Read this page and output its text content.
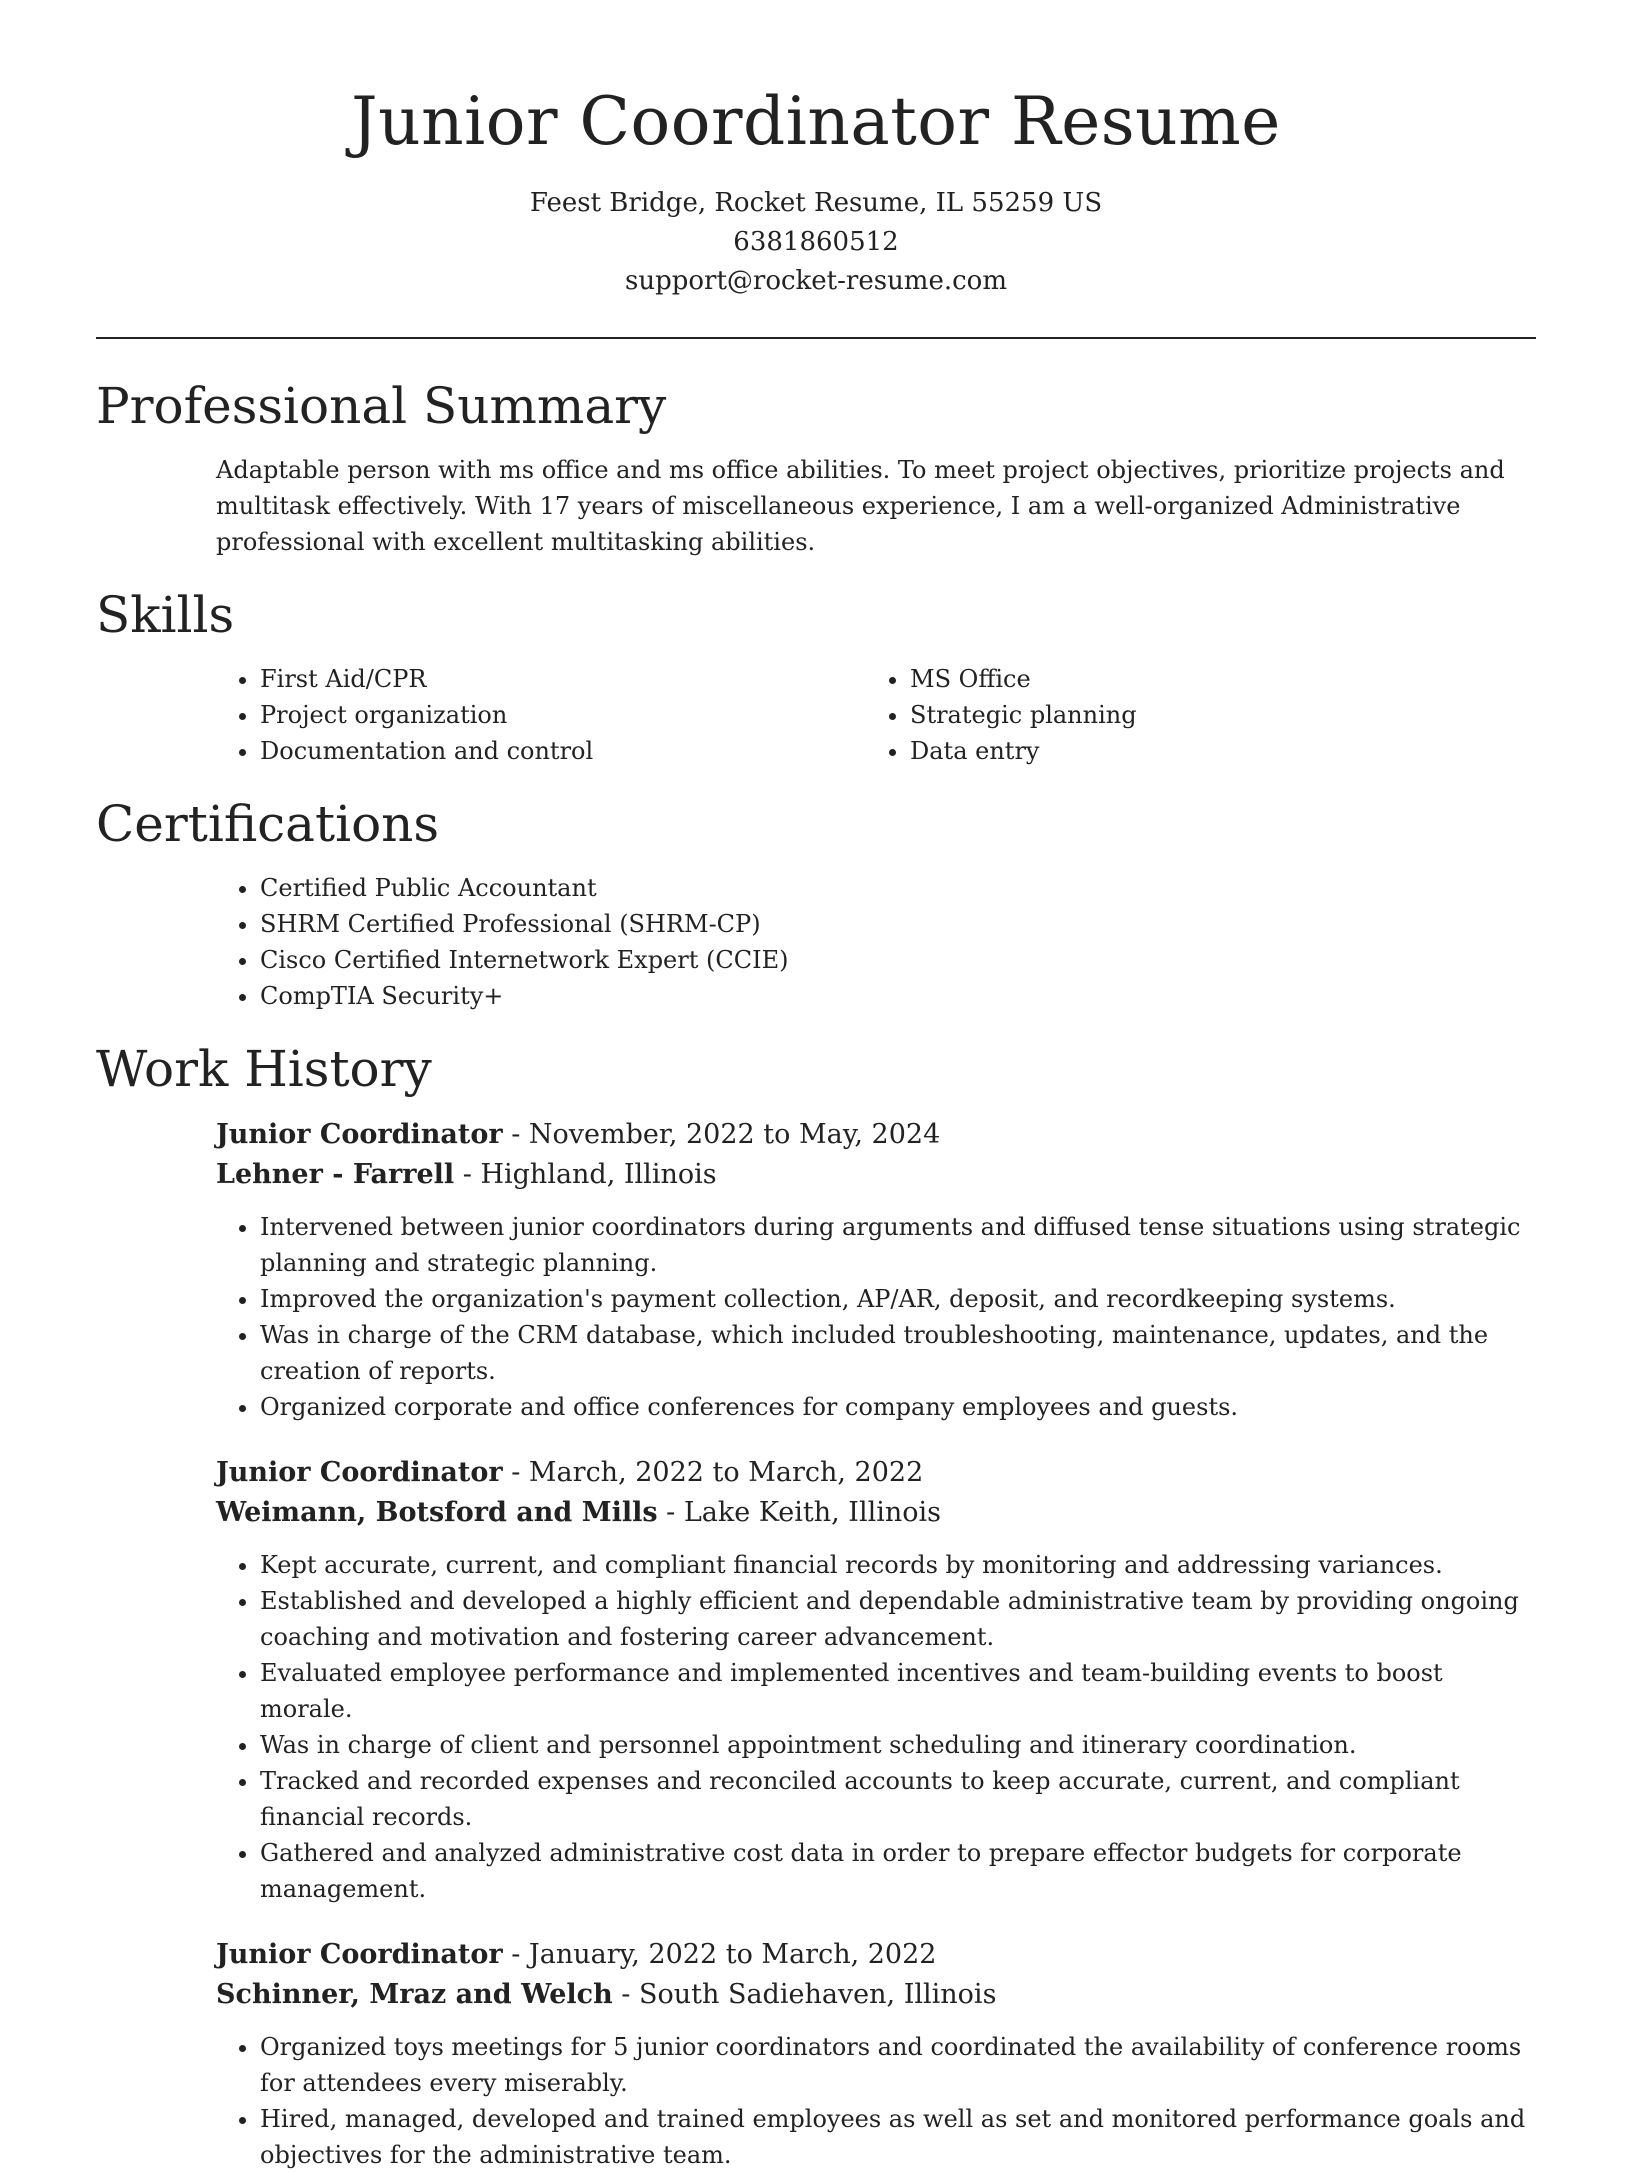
Junior Coordinator Resume
Feest Bridge, Rocket Resume, IL 55259 US
6381860512
support@rocket-resume.com
Professional Summary

Adaptable person with ms office and ms office abilities. To meet project objectives, prioritize projects and multitask effectively. With 17 years of miscellaneous experience, I am a well-organized Administrative professional with excellent multitasking abilities.

Skills
• First Aid/CPR
• Project organization
• Documentation and control
• MS Office
• Strategic planning
• Data entry
Certifications
• Certified Public Accountant
• SHRM Certified Professional (SHRM-CP)
• Cisco Certified Internetwork Expert (CCIE)
• CompTIA Security+
Work History
Junior Coordinator - November, 2022 to May, 2024
Lehner - Farrell - Highland, Illinois
• Intervened between junior coordinators during arguments and diffused tense situations using strategic planning and strategic planning.
• Improved the organization's payment collection, AP/AR, deposit, and recordkeeping systems.
• Was in charge of the CRM database, which included troubleshooting, maintenance, updates, and the creation of reports.
• Organized corporate and office conferences for company employees and guests.
Junior Coordinator - March, 2022 to March, 2022
Weimann, Botsford and Mills - Lake Keith, Illinois
• Kept accurate, current, and compliant financial records by monitoring and addressing variances.
• Established and developed a highly efficient and dependable administrative team by providing ongoing coaching and motivation and fostering career advancement.
• Evaluated employee performance and implemented incentives and team-building events to boost morale.
• Was in charge of client and personnel appointment scheduling and itinerary coordination.
• Tracked and recorded expenses and reconciled accounts to keep accurate, current, and compliant financial records.
• Gathered and analyzed administrative cost data in order to prepare effector budgets for corporate management.
Junior Coordinator - January, 2022 to March, 2022
Schinner, Mraz and Welch - South Sadiehaven, Illinois
• Organized toys meetings for 5 junior coordinators and coordinated the availability of conference rooms for attendees every miserably.
• Hired, managed, developed and trained employees as well as set and monitored performance goals and objectives for the administrative team.
